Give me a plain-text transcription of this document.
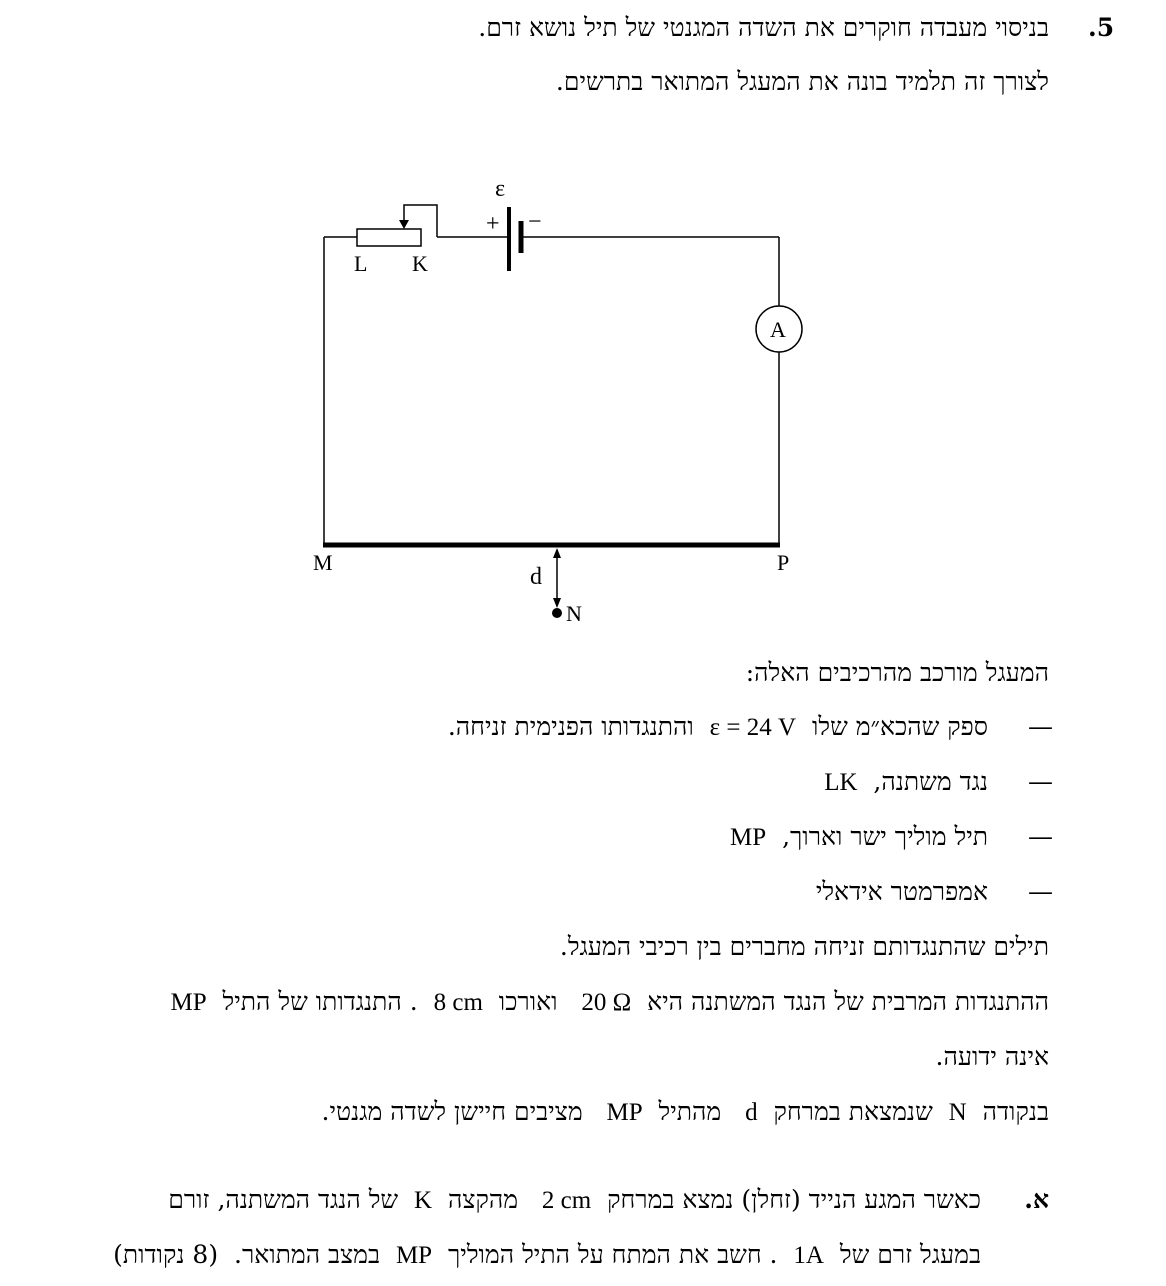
.5
בניסוי מעבדה חוקרים את השדה המגנטי של תיל נושא זרם.
לצורך זה תלמיד בונה את המעגל המתואר בתרשים.
+ −
ε
L K
A
M	P
d
N
המעגל מורכב מהרכיבים האלה:
—
ספק שהכא״מ שלו  ε = 24 V  והתנגדותו הפנימית זניחה.
—
נגד משתנה,  LK
—
תיל מוליך ישר וארוך,  MP
—
אמפרמטר אידאלי
תילים שהתנגדותם זניחה מחברים בין רכיבי המעגל.
ההתנגדות המרבית של הנגד המשתנה היא  20 Ω   ואורכו  8 cm  . התנגדותו של התיל  MP
אינה ידועה.
בנקודה  N  שנמצאת במרחק  d   מהתיל  MP   מציבים חיישן לשדה מגנטי.
א.
כאשר המגע הנייד (זחלן) נמצא במרחק  2 cm   מהקצה  K  של הנגד המשתנה, זורם
במעגל זרם של  1A  . חשב את המתח על התיל המוליך  MP  במצב המתואר.  (8 נקודות)
